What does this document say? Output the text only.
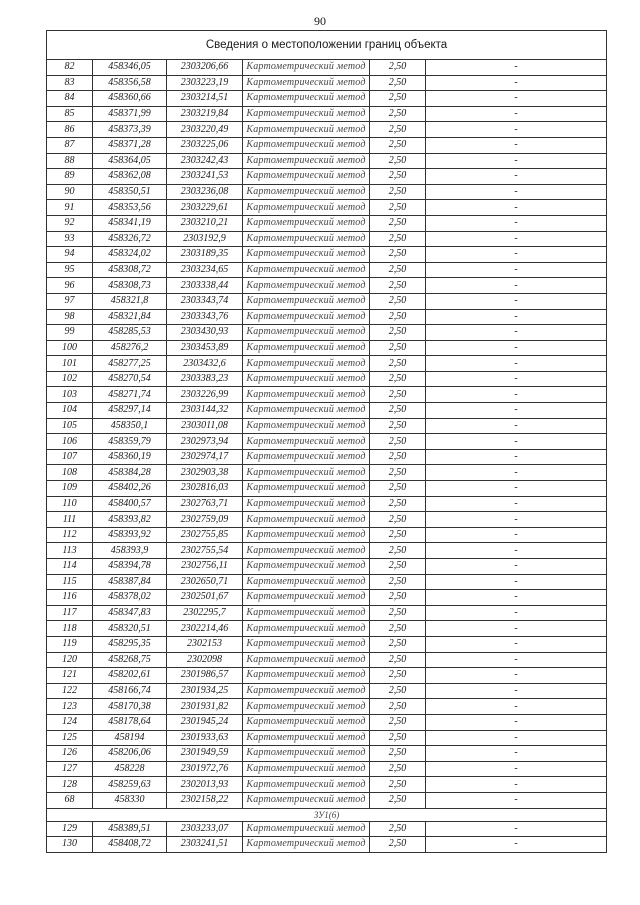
90
Сведения о местоположении границ объекта					
82	458346,05	2303206,66	Картометрический метод	2,50	-
83	458356,58	2303223,19	Картометрический метод	2,50	-
84	458360,66	2303214,51	Картометрический метод	2,50	-
85	458371,99	2303219,84	Картометрический метод	2,50	-
86	458373,39	2303220,49	Картометрический метод	2,50	-
87	458371,28	2303225,06	Картометрический метод	2,50	-
88	458364,05	2303242,43	Картометрический метод	2,50	-
89	458362,08	2303241,53	Картометрический метод	2,50	-
90	458350,51	2303236,08	Картометрический метод	2,50	-
91	458353,56	2303229,61	Картометрический метод	2,50	-
92	458341,19	2303210,21	Картометрический метод	2,50	-
93	458326,72	2303192,9	Картометрический метод	2,50	-
94	458324,02	2303189,35	Картометрический метод	2,50	-
95	458308,72	2303234,65	Картометрический метод	2,50	-
96	458308,73	2303338,44	Картометрический метод	2,50	-
97	458321,8	2303343,74	Картометрический метод	2,50	-
98	458321,84	2303343,76	Картометрический метод	2,50	-
99	458285,53	2303430,93	Картометрический метод	2,50	-
100	458276,2	2303453,89	Картометрический метод	2,50	-
101	458277,25	2303432,6	Картометрический метод	2,50	-
102	458270,54	2303383,23	Картометрический метод	2,50	-
103	458271,74	2303226,99	Картометрический метод	2,50	-
104	458297,14	2303144,32	Картометрический метод	2,50	-
105	458350,1	2303011,08	Картометрический метод	2,50	-
106	458359,79	2302973,94	Картометрический метод	2,50	-
107	458360,19	2302974,17	Картометрический метод	2,50	-
108	458384,28	2302903,38	Картометрический метод	2,50	-
109	458402,26	2302816,03	Картометрический метод	2,50	-
110	458400,57	2302763,71	Картометрический метод	2,50	-
111	458393,82	2302759,09	Картометрический метод	2,50	-
112	458393,92	2302755,85	Картометрический метод	2,50	-
113	458393,9	2302755,54	Картометрический метод	2,50	-
114	458394,78	2302756,11	Картометрический метод	2,50	-
115	458387,84	2302650,71	Картометрический метод	2,50	-
116	458378,02	2302501,67	Картометрический метод	2,50	-
117	458347,83	2302295,7	Картометрический метод	2,50	-
118	458320,51	2302214,46	Картометрический метод	2,50	-
119	458295,35	2302153	Картометрический метод	2,50	-
120	458268,75	2302098	Картометрический метод	2,50	-
121	458202,61	2301986,57	Картометрический метод	2,50	-
122	458166,74	2301934,25	Картометрический метод	2,50	-
123	458170,38	2301931,82	Картометрический метод	2,50	-
124	458178,64	2301945,24	Картометрический метод	2,50	-
125	458194	2301933,63	Картометрический метод	2,50	-
126	458206,06	2301949,59	Картометрический метод	2,50	-
127	458228	2301972,76	Картометрический метод	2,50	-
128	458259,63	2302013,93	Картометрический метод	2,50	-
68	458330	2302158,22	Картометрический метод	2,50	-
ЗУ1(6)					
129	458389,51	2303233,07	Картометрический метод	2,50	-
130	458408,72	2303241,51	Картометрический метод	2,50	-
